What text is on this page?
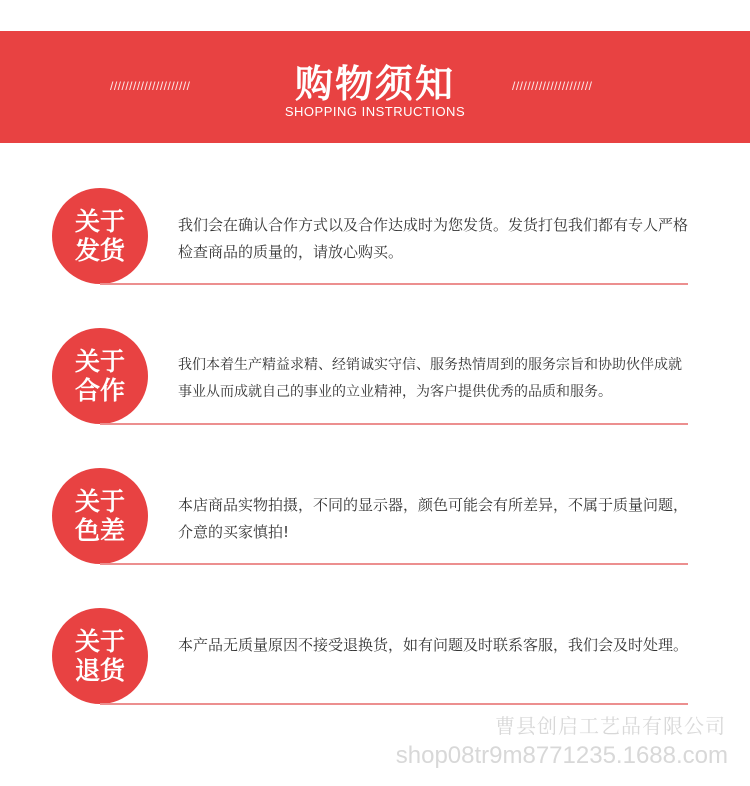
/////////////////////	购物须知
SHOPPING INSTRUCTIONS
/////////////////////
关于
发货
我们会在确认合作方式以及合作达成时为您发货。发货打包我们都有专人严格检查商品的质量的，请放心购买。
关于
合作
我们本着生产精益求精、经销诚实守信、服务热情周到的服务宗旨和协助伙伴成就事业从而成就自己的事业的立业精神，为客户提供优秀的品质和服务。
关于
色差
本店商品实物拍摄，不同的显示器，颜色可能会有所差异，不属于质量问题，介意的买家慎拍!
关于
退货
本产品无质量原因不接受退换货，如有问题及时联系客服，我们会及时处理。
曹县创启工艺品有限公司
shop08tr9m8771235.1688.com
